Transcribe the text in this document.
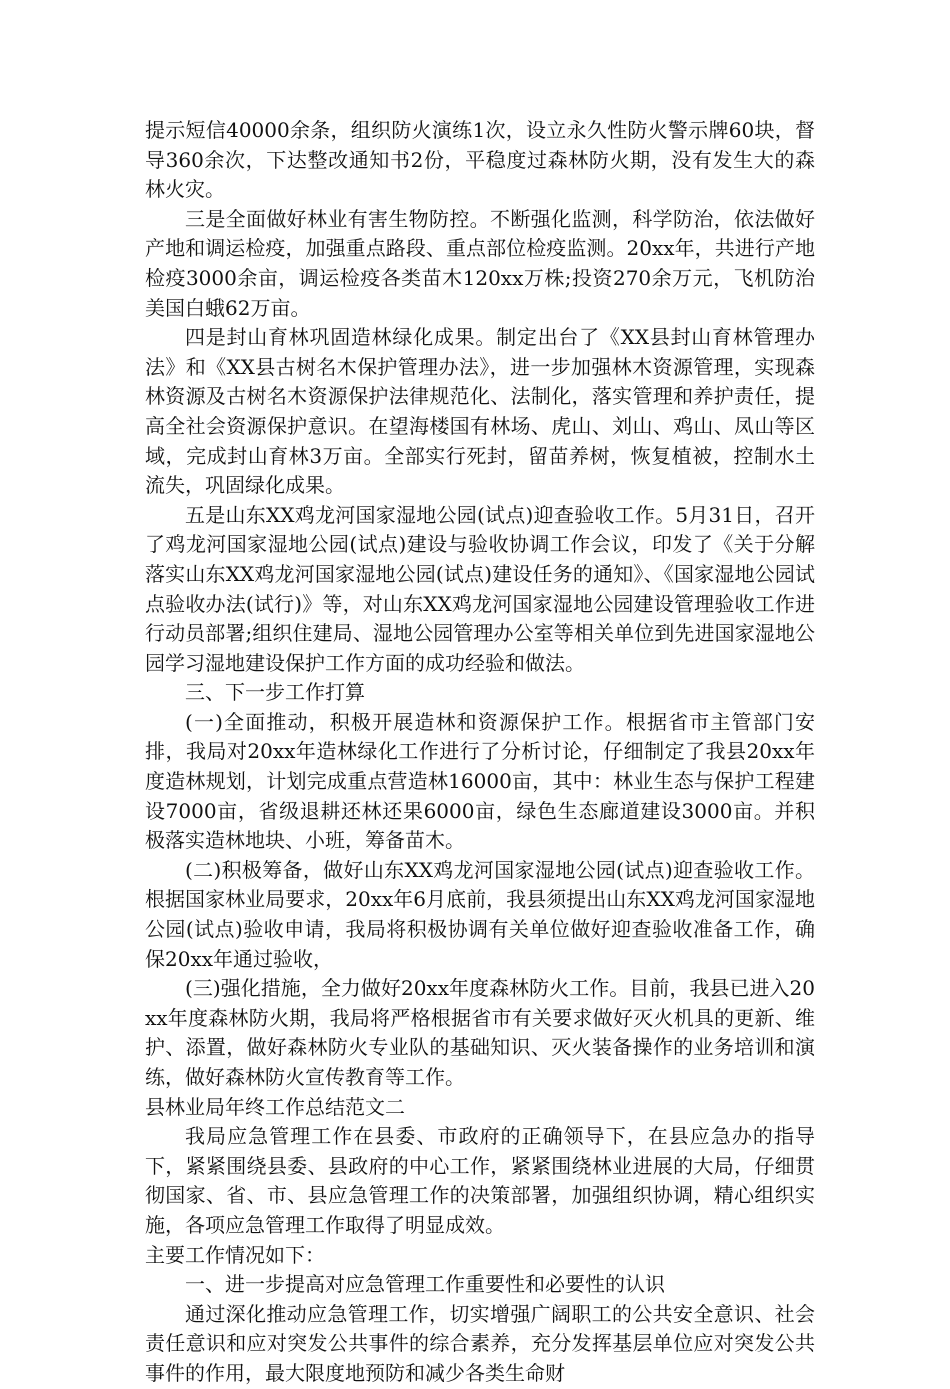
提示短信40000余条，组织防火演练1次，设立永久性防火警示牌60块，督导360余次，下达整改通知书2份，平稳度过森林防火期，没有发生大的森林火灾。

三是全面做好林业有害生物防控。不断强化监测，科学防治，依法做好产地和调运检疫，加强重点路段、重点部位检疫监测。20xx年，共进行产地检疫3000余亩，调运检疫各类苗木120xx万株;投资270余万元，飞机防治美国白蛾62万亩。

四是封山育林巩固造林绿化成果。制定出台了《XX县封山育林管理办法》和《XX县古树名木保护管理办法》，进一步加强林木资源管理，实现森林资源及古树名木资源保护法律规范化、法制化，落实管理和养护责任，提高全社会资源保护意识。在望海楼国有林场、虎山、刘山、鸡山、凤山等区域，完成封山育林3万亩。全部实行死封，留苗养树，恢复植被，控制水土流失，巩固绿化成果。

五是山东XX鸡龙河国家湿地公园(试点)迎查验收工作。5月31日，召开了鸡龙河国家湿地公园(试点)建设与验收协调工作会议，印发了《关于分解落实山东XX鸡龙河国家湿地公园(试点)建设任务的通知》、《国家湿地公园试点验收办法(试行)》等，对山东XX鸡龙河国家湿地公园建设管理验收工作进行动员部署;组织住建局、湿地公园管理办公室等相关单位到先进国家湿地公园学习湿地建设保护工作方面的成功经验和做法。

三、下一步工作打算

(一)全面推动，积极开展造林和资源保护工作。根据省市主管部门安排，我局对20xx年造林绿化工作进行了分析讨论，仔细制定了我县20xx年度造林规划，计划完成重点营造林16000亩，其中：林业生态与保护工程建设7000亩，省级退耕还林还果6000亩，绿色生态廊道建设3000亩。并积极落实造林地块、小班，筹备苗木。

(二)积极筹备，做好山东XX鸡龙河国家湿地公园(试点)迎查验收工作。根据国家林业局要求，20xx年6月底前，我县须提出山东XX鸡龙河国家湿地公园(试点)验收申请，我局将积极协调有关单位做好迎查验收准备工作，确保20xx年通过验收，

(三)强化措施，全力做好20xx年度森林防火工作。目前，我县已进入20xx年度森林防火期，我局将严格根据省市有关要求做好灭火机具的更新、维护、添置，做好森林防火专业队的基础知识、灭火装备操作的业务培训和演练，做好森林防火宣传教育等工作。

县林业局年终工作总结范文二

我局应急管理工作在县委、市政府的正确领导下，在县应急办的指导下，紧紧围绕县委、县政府的中心工作，紧紧围绕林业进展的大局，仔细贯彻国家、省、市、县应急管理工作的决策部署，加强组织协调，精心组织实施，各项应急管理工作取得了明显成效。

主要工作情况如下：

一、进一步提高对应急管理工作重要性和必要性的认识

通过深化推动应急管理工作，切实增强广阔职工的公共安全意识、社会责任意识和应对突发公共事件的综合素养，充分发挥基层单位应对突发公共事件的作用，最大限度地预防和减少各类生命财
